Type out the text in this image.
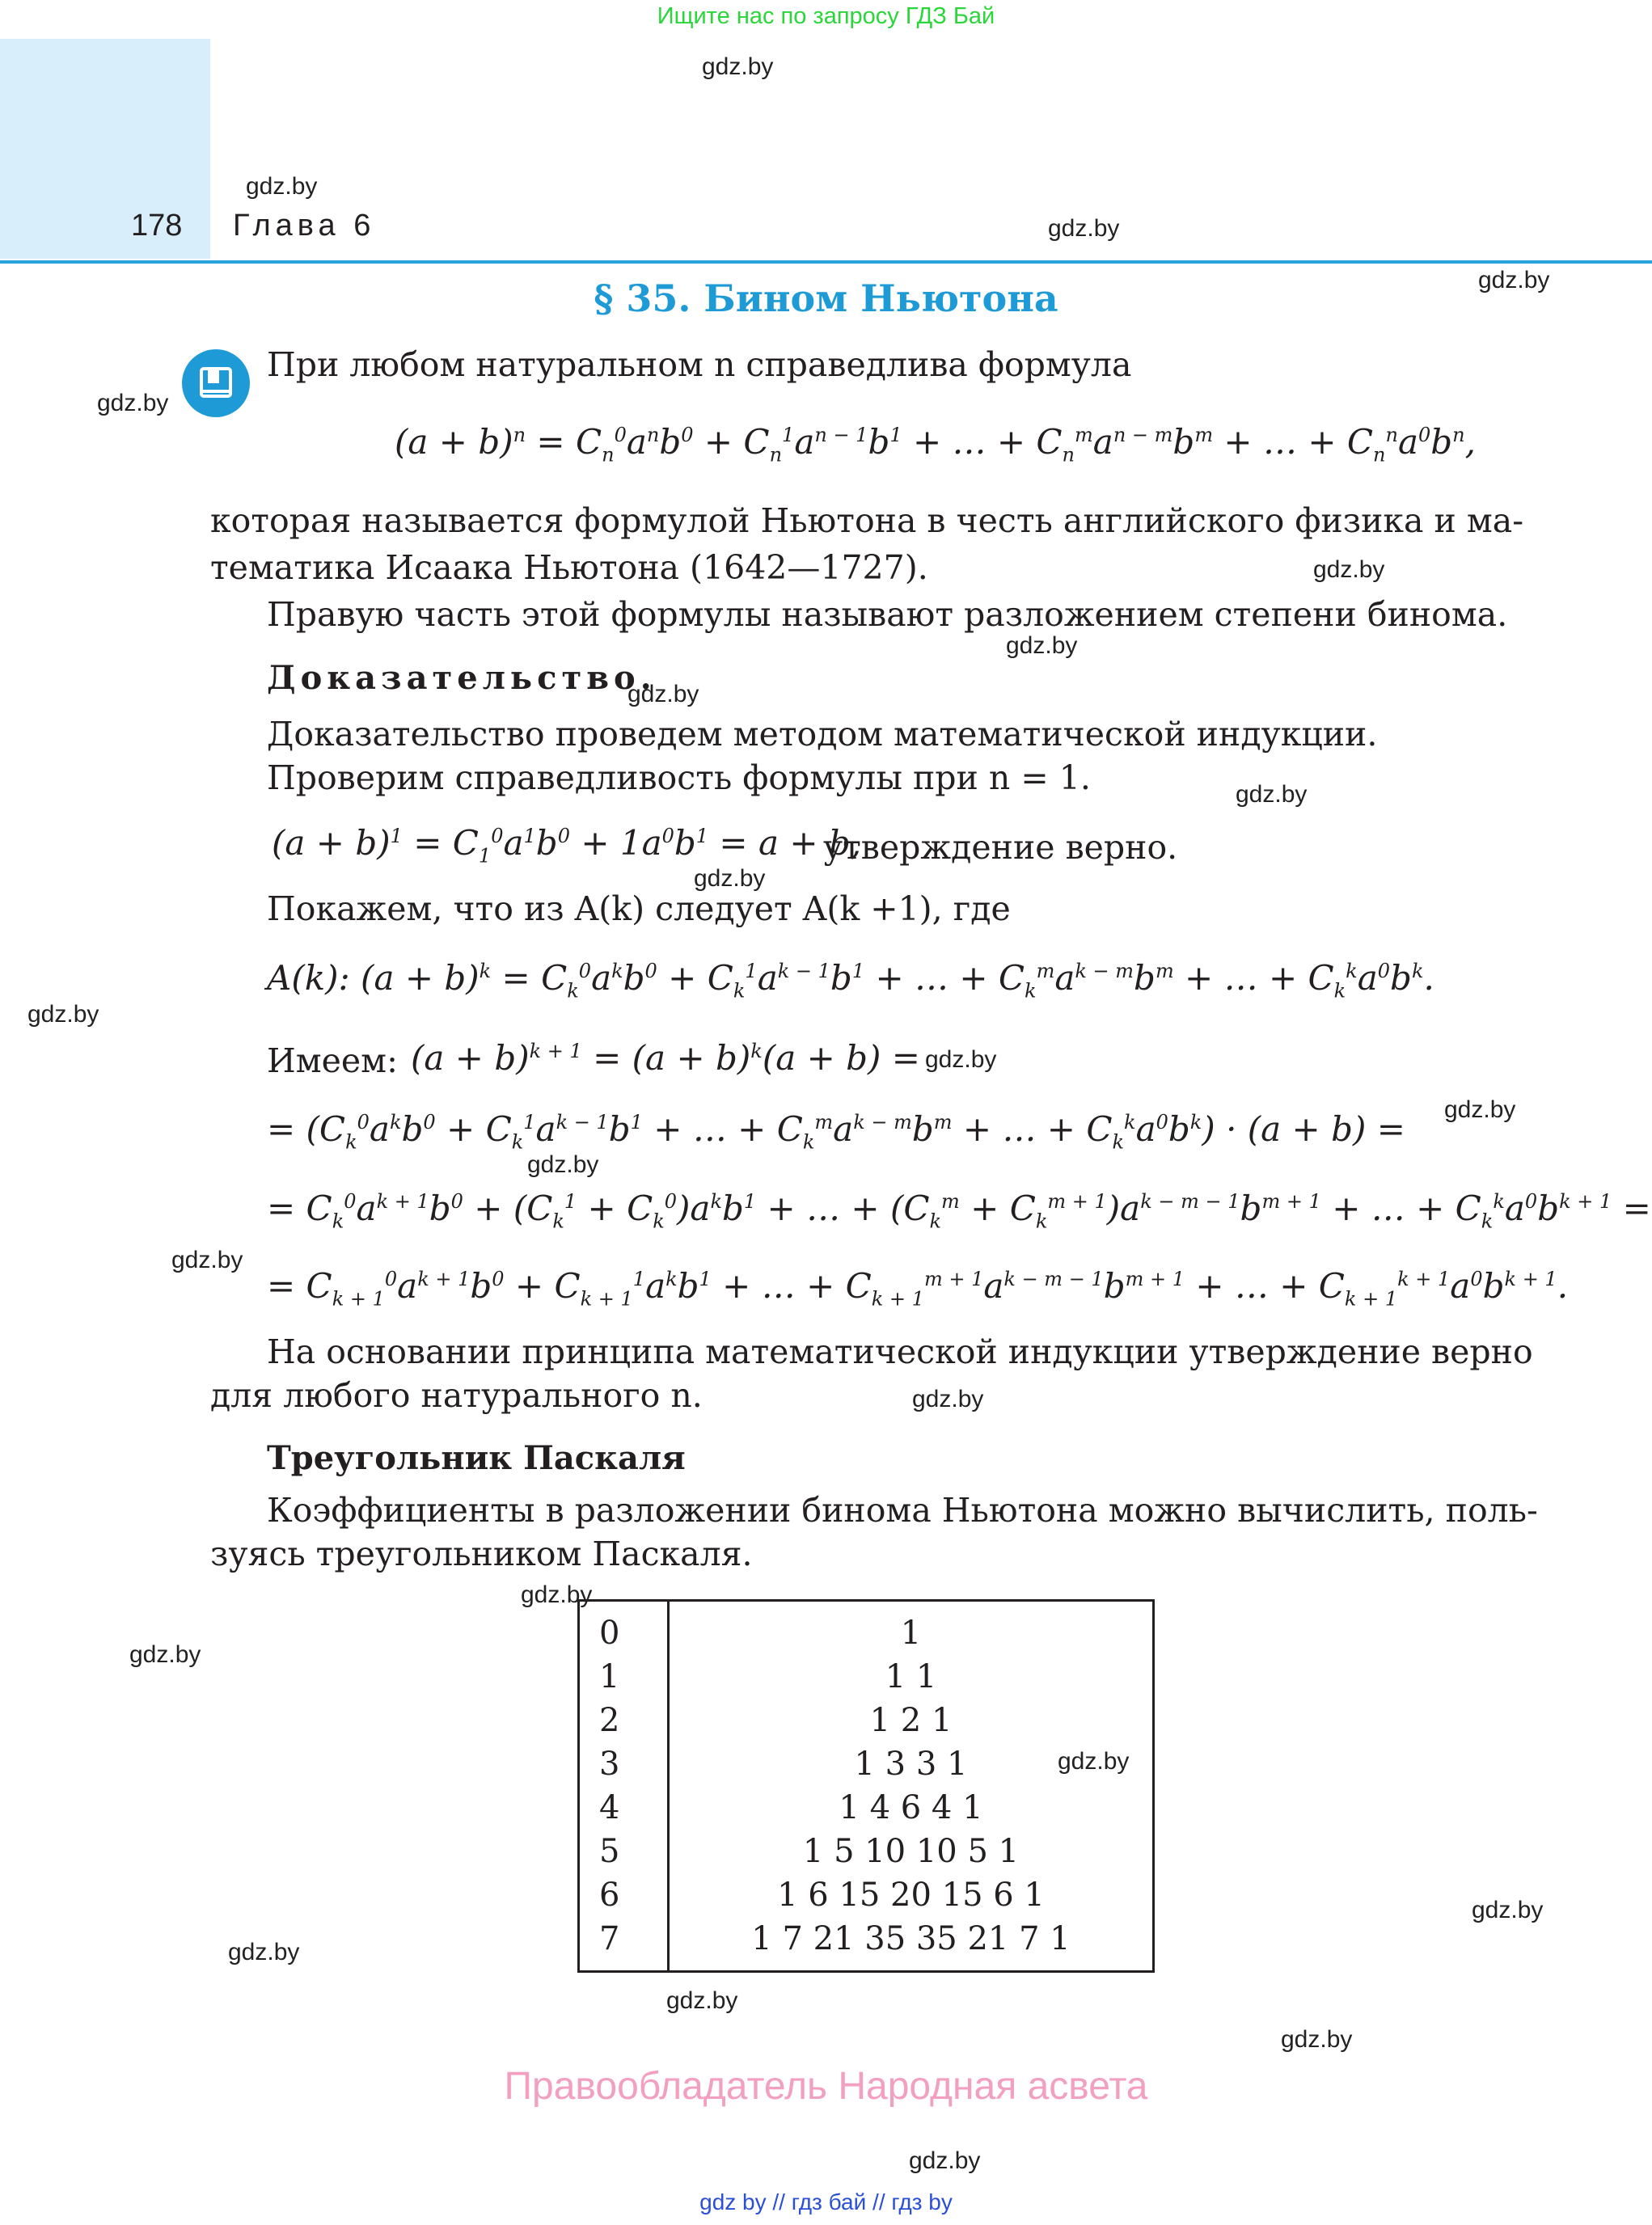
Ищите нас по запросу ГДЗ Бай
178 Глава 6
§ 35. Бином Ньютона
При любом натуральном n справедлива формула
$(a + b)^n = C_n^0a^nb^0 + C_n^1a^{n - 1}b^1$ + … + $C_n^ma^{n - m}b^m$ + … + $C_n^na^0b^n$,
которая называется формулой Ньютона в честь английского физика и ма-
тематика Исаака Ньютона (1642—1727).
Правую часть этой формулы называют разложением степени бинома.
Доказательство.
Доказательство проведем методом математической индукции.
Проверим справедливость формулы при n = 1.
$(a + b)^1 = C_1^0a^1b^0 + 1a^0b^1 = a + b$,
утверждение верно.
Покажем, что из A(k) следует A(k +1), где
A(k): $(a + b)^k = C_k^0a^kb^0 + C_k^1a^{k - 1}b^1$ + … + $C_k^ma^{k - m}b^m$ + … + $C_k^ka^0b^k$.
Имеем: $(a + b)^{k + 1} = (a + b)^k(a + b)$ =
= ($C_k^0a^kb^0 + C_k^1a^{k - 1}b^1$ + … + $C_k^ma^{k - m}b^m$ + … + $C_k^ka^0b^k) \cdot (a + b)$ =
= $C_k^0a^{k + 1}b^0 + (C_k^1 + C_k^0)a^kb^1$ + … + $(C_k^m + C_k^{m + 1})a^{k - m - 1}b^{m + 1}$ + … + $C_k^ka^0b^{k + 1}$ =
= $C_{k + 1}^0a^{k + 1}b^0 + C_{k + 1}^1a^kb^1$ + … + $C_{k + 1}^{m + 1}a^{k - m - 1}b^{m + 1}$ + … + $C_{k + 1}^{k + 1}a^0b^{k + 1}$.
На основании принципа математической индукции утверждение верно
для любого натурального n.
Треугольник Паскаля
Коэффициенты в разложении бинома Ньютона можно вычислить, поль-
зуясь треугольником Паскаля.
0	1
1	1 1
2	1 2 1
3	1 3 3 1
4	1 4 6 4 1
5	1 5 10 10 5 1
6	1 6 15 20 15 6 1
7	1 7 21 35 35 21 7 1
gdz.by
gdz.by
gdz.by
gdz.by
gdz.by
gdz.by
gdz.by
gdz.by
gdz.by
gdz.by
gdz.by
gdz.by
gdz.by
gdz.by
gdz.by
gdz.by
gdz.by
gdz.by
gdz.by
gdz.by
gdz.by
gdz.by
gdz.by
gdz.by
Правообладатель Народная асвета
gdz by // гдз бай // гдз by
